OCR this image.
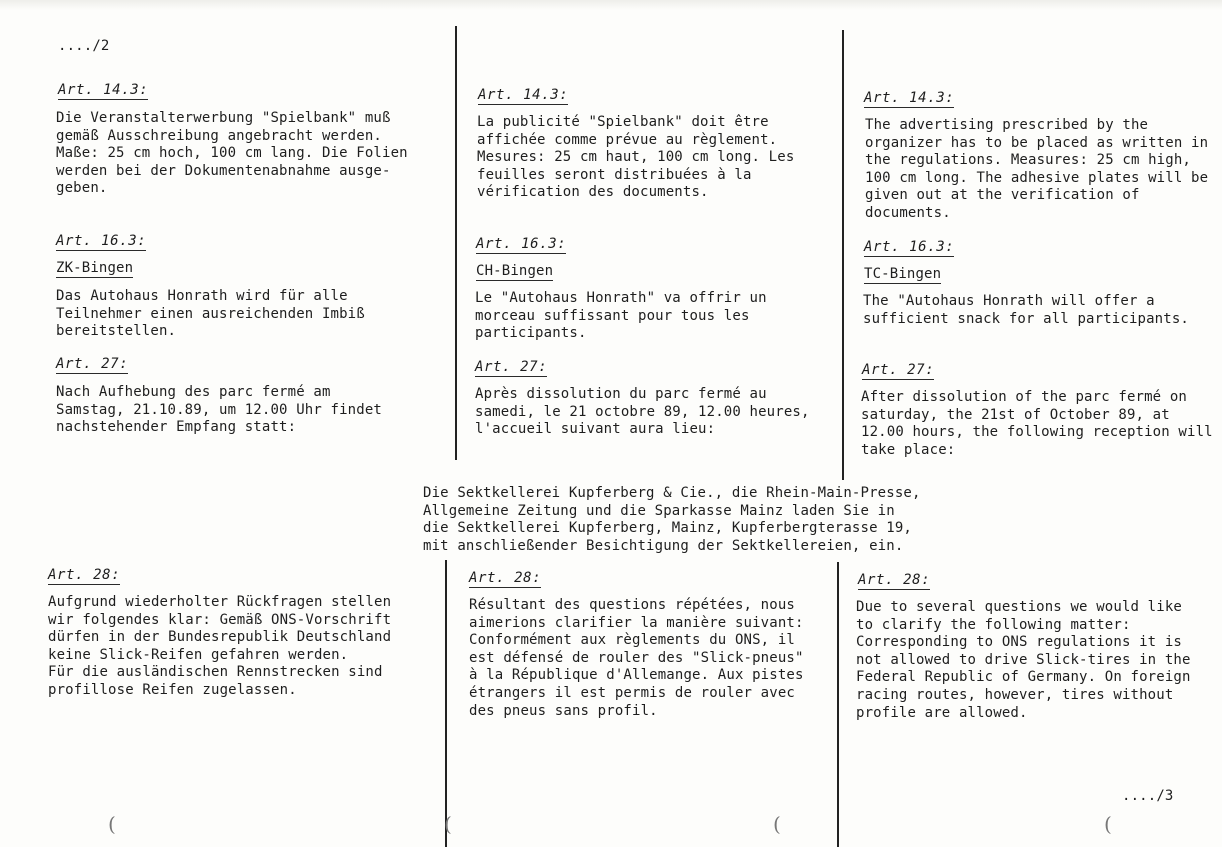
..../2
..../3
Art. 14.3:
Die Veranstalterwerbung "Spielbank" muß
gemäß Ausschreibung angebracht werden.
Maße: 25 cm hoch, 100 cm lang. Die Folien
werden bei der Dokumentenabnahme ausge-
geben.
Art. 16.3:
ZK-Bingen
Das Autohaus Honrath wird für alle
Teilnehmer einen ausreichenden Imbiß
bereitstellen.
Art. 27:
Nach Aufhebung des parc fermé am
Samstag, 21.10.89, um 12.00 Uhr findet
nachstehender Empfang statt:
Art. 28:
Aufgrund wiederholter Rückfragen stellen
wir folgendes klar: Gemäß ONS-Vorschrift
dürfen in der Bundesrepublik Deutschland
keine Slick-Reifen gefahren werden.
Für die ausländischen Rennstrecken sind
profillose Reifen zugelassen.
Art. 14.3:
La publicité "Spielbank" doit être
affichée comme prévue au règlement.
Mesures: 25 cm haut, 100 cm long. Les
feuilles seront distribuées à la
vérification des documents.
Art. 16.3:
CH-Bingen
Le "Autohaus Honrath" va offrir un
morceau suffissant pour tous les
participants.
Art. 27:
Après dissolution du parc fermé au
samedi, le 21 octobre 89, 12.00 heures,
l'accueil suivant aura lieu:
Art. 28:
Résultant des questions répétées, nous
aimerions clarifier la manière suivant:
Conformément aux règlements du ONS, il
est défensé de rouler des "Slick-pneus"
à la République d'Allemange. Aux pistes
étrangers il est permis de rouler avec
des pneus sans profil.
Art. 14.3:
The advertising prescribed by the
organizer has to be placed as written in
the regulations. Measures: 25 cm high,
100 cm long. The adhesive plates will be
given out at the verification of
documents.
Art. 16.3:
TC-Bingen
The "Autohaus Honrath will offer a
sufficient snack for all participants.
Art. 27:
After dissolution of the parc fermé on
saturday, the 21st of October 89, at
12.00 hours, the following reception will
take place:
Art. 28:
Due to several questions we would like
to clarify the following matter:
Corresponding to ONS regulations it is
not allowed to drive Slick-tires in the
Federal Republic of Germany. On foreign
racing routes, however, tires without
profile are allowed.
Die Sektkellerei Kupferberg & Cie., die Rhein-Main-Presse,
Allgemeine Zeitung und die Sparkasse Mainz laden Sie in
die Sektkellerei Kupferberg, Mainz, Kupferbergterasse 19,
mit anschließender Besichtigung der Sektkellereien, ein.
(	(	(	(
